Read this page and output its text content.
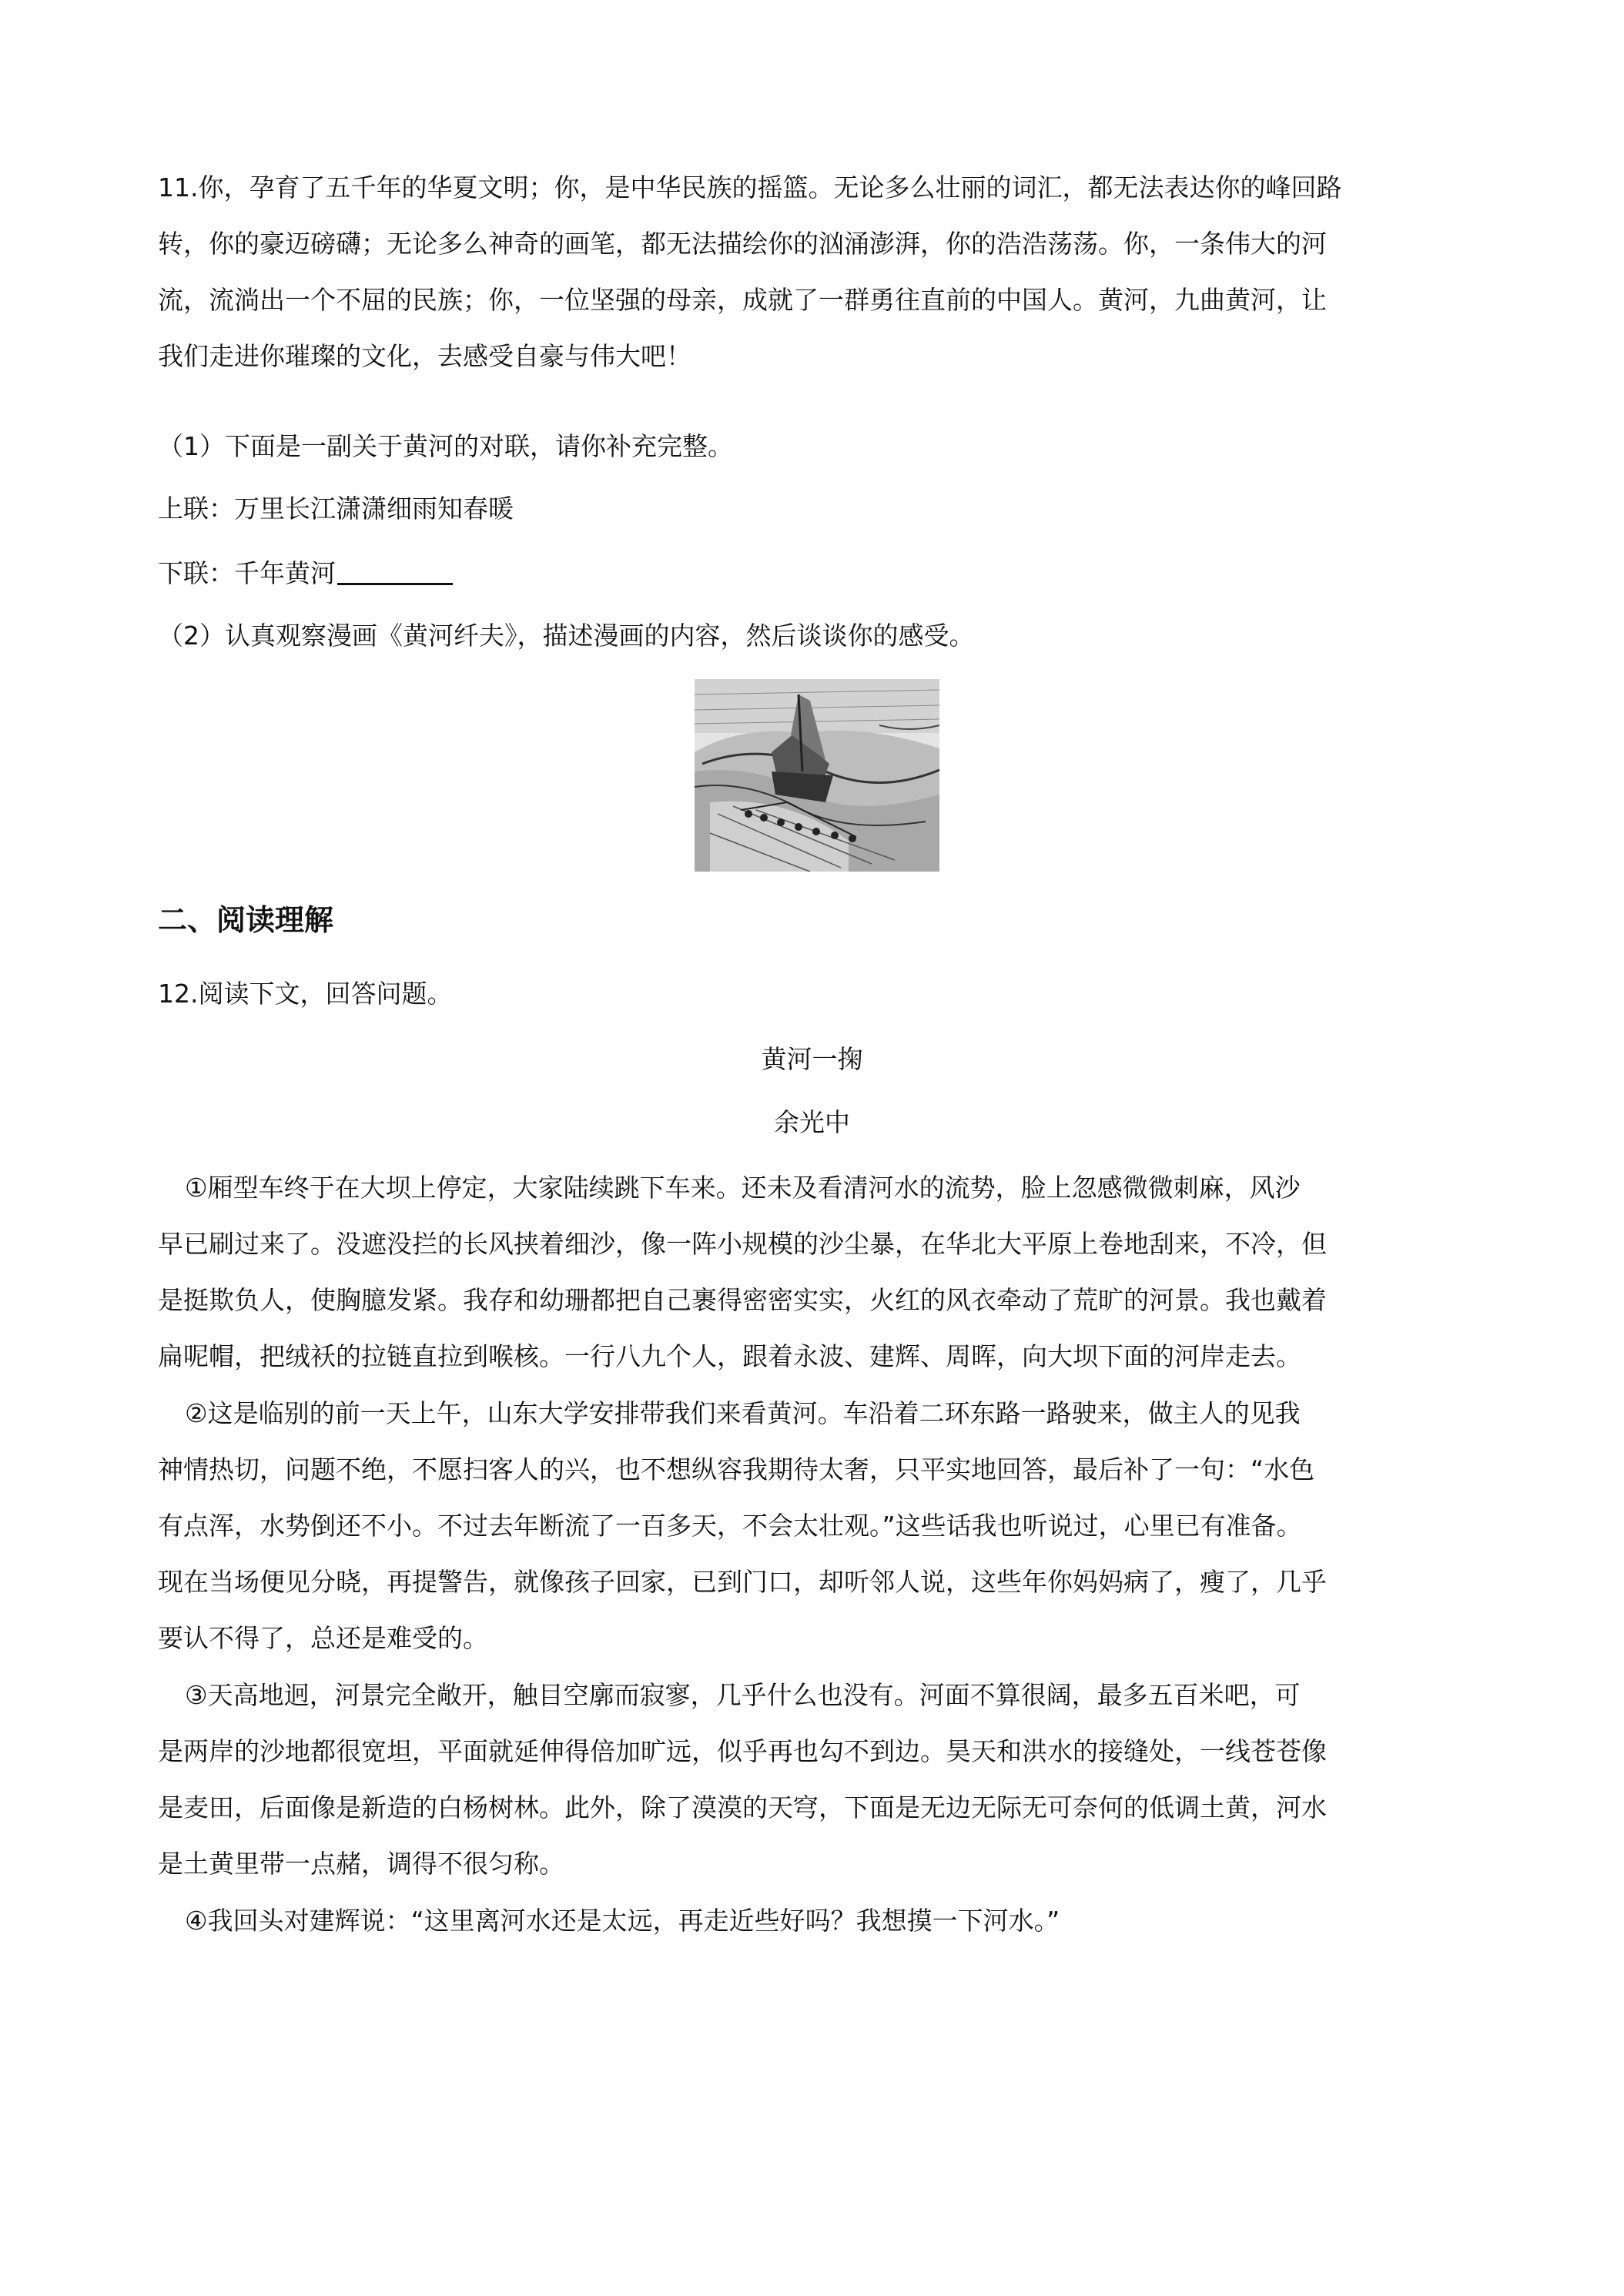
11.你，孕育了五千年的华夏文明；你，是中华民族的摇篮。无论多么壮丽的词汇，都无法表达你的峰回路
转，你的豪迈磅礴；无论多么神奇的画笔，都无法描绘你的汹涌澎湃，你的浩浩荡荡。你，一条伟大的河
流，流淌出一个不屈的民族；你，一位坚强的母亲，成就了一群勇往直前的中国人。黄河，九曲黄河，让
我们走进你璀璨的文化，去感受自豪与伟大吧！
（1）下面是一副关于黄河的对联，请你补充完整。
上联：万里长江潇潇细雨知春暖
下联：千年黄河
（2）认真观察漫画《黄河纤夫》，描述漫画的内容，然后谈谈你的感受。
二、阅读理解
12.阅读下文，回答问题。
黄河一掬
余光中
①厢型车终于在大坝上停定，大家陆续跳下车来。还未及看清河水的流势，脸上忽感微微刺麻，风沙
早已刷过来了。没遮没拦的长风挟着细沙，像一阵小规模的沙尘暴，在华北大平原上卷地刮来，不冷，但
是挺欺负人，使胸臆发紧。我存和幼珊都把自己裹得密密实实，火红的风衣牵动了荒旷的河景。我也戴着
扁呢帽，把绒袄的拉链直拉到喉核。一行八九个人，跟着永波、建辉、周晖，向大坝下面的河岸走去。
②这是临别的前一天上午，山东大学安排带我们来看黄河。车沿着二环东路一路驶来，做主人的见我
神情热切，问题不绝，不愿扫客人的兴，也不想纵容我期待太奢，只平实地回答，最后补了一句：“水色
有点浑，水势倒还不小。不过去年断流了一百多天，不会太壮观。”这些话我也听说过，心里已有准备。
现在当场便见分晓，再提警告，就像孩子回家，已到门口，却听邻人说，这些年你妈妈病了，瘦了，几乎
要认不得了，总还是难受的。
③天高地迥，河景完全敞开，触目空廓而寂寥，几乎什么也没有。河面不算很阔，最多五百米吧，可
是两岸的沙地都很宽坦，平面就延伸得倍加旷远，似乎再也勾不到边。昊天和洪水的接缝处，一线苍苍像
是麦田，后面像是新造的白杨树林。此外，除了漠漠的天穹，下面是无边无际无可奈何的低调土黄，河水
是土黄里带一点赭，调得不很匀称。
④我回头对建辉说：“这里离河水还是太远，再走近些好吗？我想摸一下河水。”
